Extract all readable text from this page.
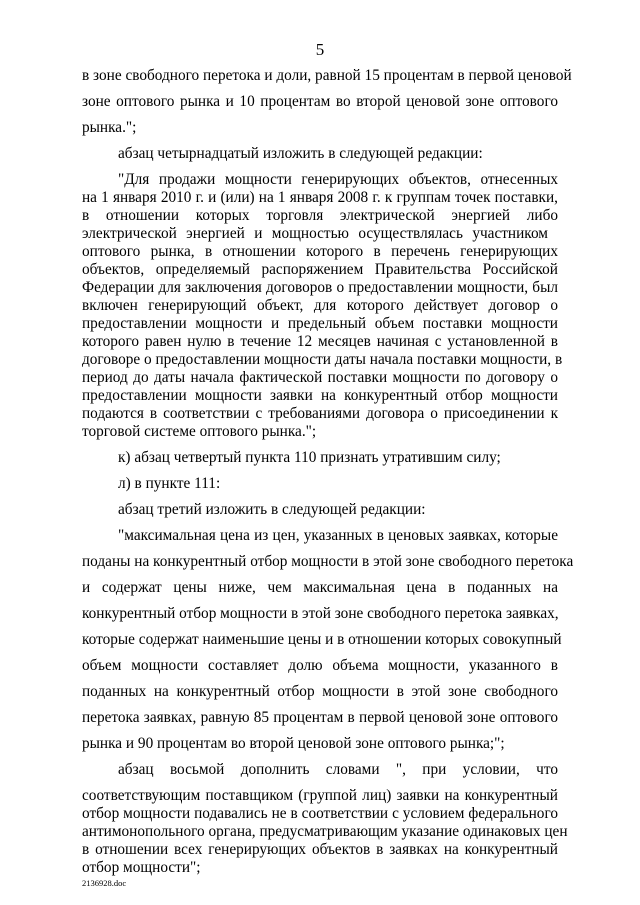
5
в зоне свободного перетока и доли, равной 15 процентам в первой ценовой
зоне оптового рынка и 10 процентам во второй ценовой зоне оптового
рынка.";
абзац четырнадцатый изложить в следующей редакции:
"Для продажи мощности генерирующих объектов, отнесенных
на 1 января 2010 г. и (или) на 1 января 2008 г. к группам точек поставки,
в отношении которых торговля электрической энергией либо
электрической энергией и мощностью осуществлялась участником
оптового рынка, в отношении которого в перечень генерирующих
объектов, определяемый распоряжением Правительства Российской
Федерации для заключения договоров о предоставлении мощности, был
включен генерирующий объект, для которого действует договор о
предоставлении мощности и предельный объем поставки мощности
которого равен нулю в течение 12 месяцев начиная с установленной в
договоре о предоставлении мощности даты начала поставки мощности, в
период до даты начала фактической поставки мощности по договору о
предоставлении мощности заявки на конкурентный отбор мощности
подаются в соответствии с требованиями договора о присоединении к
торговой системе оптового рынка.";
к) абзац четвертый пункта 110 признать утратившим силу;
л) в пункте 111:
абзац третий изложить в следующей редакции:
"максимальная цена из цен, указанных в ценовых заявках, которые
поданы на конкурентный отбор мощности в этой зоне свободного перетока
и содержат цены ниже, чем максимальная цена в поданных на
конкурентный отбор мощности в этой зоне свободного перетока заявках,
которые содержат наименьшие цены и в отношении которых совокупный
объем мощности составляет долю объема мощности, указанного в
поданных на конкурентный отбор мощности в этой зоне свободного
перетока заявках, равную 85 процентам в первой ценовой зоне оптового
рынка и 90 процентам во второй ценовой зоне оптового рынка;";
абзац восьмой дополнить словами ", при условии, что
соответствующим поставщиком (группой лиц) заявки на конкурентный
отбор мощности подавались не в соответствии с условием федерального
антимонопольного органа, предусматривающим указание одинаковых цен
в отношении всех генерирующих объектов в заявках на конкурентный
отбор мощности";
2136928.doc
